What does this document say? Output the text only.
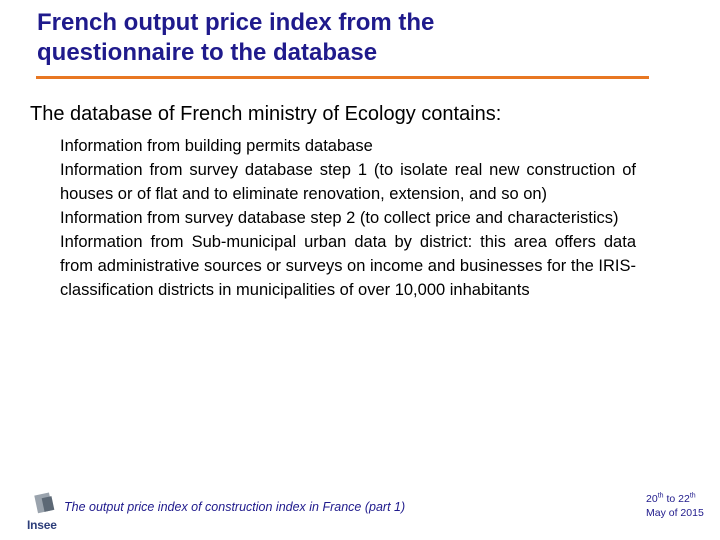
French output price index from the
questionnaire to the database

The database of French ministry of Ecology contains:

Information from building permits database
Information from survey database step 1 (to isolate real new construction of houses or of flat and to eliminate renovation, extension, and so on)
Information from survey database step 2 (to collect price and characteristics)
Information from Sub-municipal urban data by district: this area offers data from administrative sources or surveys on income and businesses for the IRIS-classification districts in municipalities of over 10,000 inhabitants
Insee
The output price index of construction index in France (part 1)
20th to 22th
May of 2015
